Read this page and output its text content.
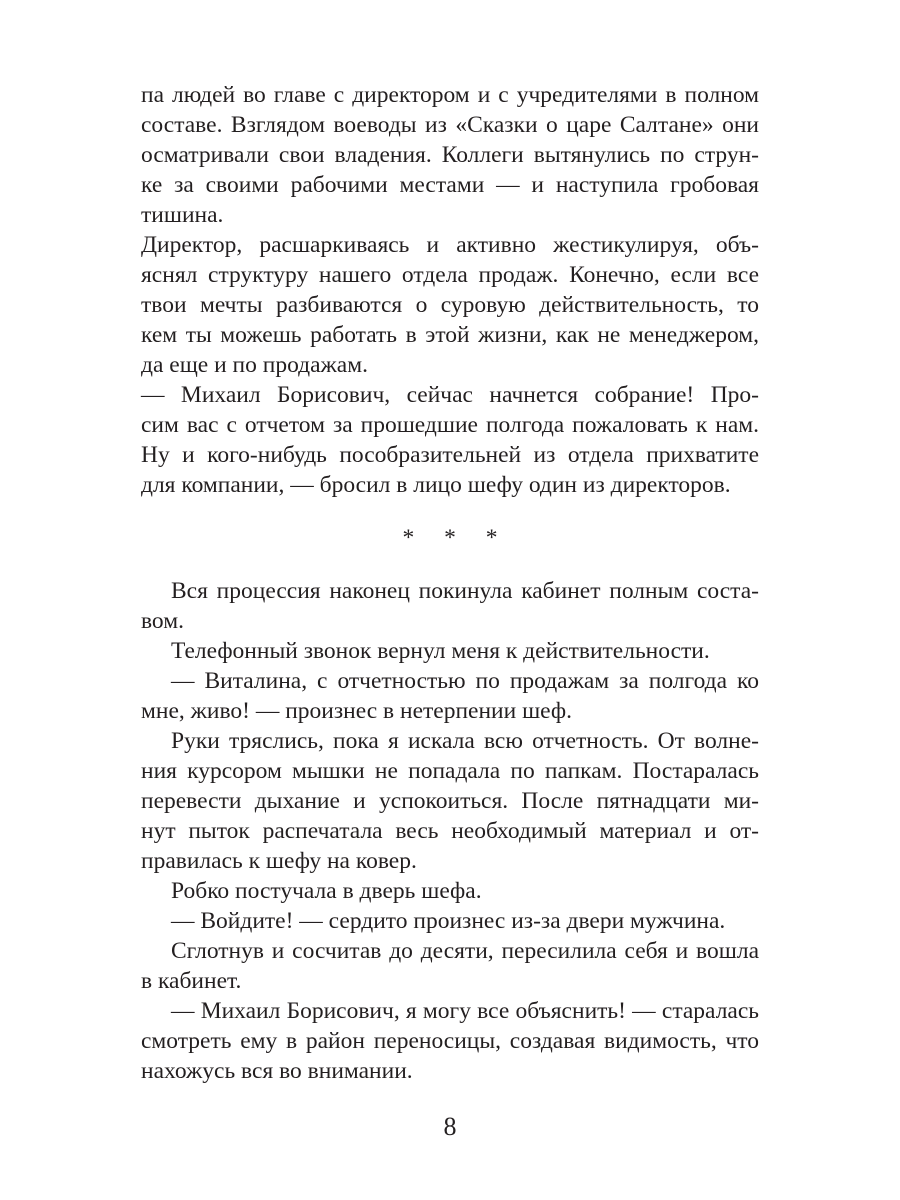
па людей во главе с директором и с учредителями в полном
составе. Взглядом воеводы из «Сказки о царе Салтане» они
осматривали свои владения. Коллеги вытянулись по струн-
ке за своими рабочими местами — и наступила гробовая
тишина.
Директор, расшаркиваясь и активно жестикулируя, объ-
яснял структуру нашего отдела продаж. Конечно, если все
твои мечты разбиваются о суровую действительность, то
кем ты можешь работать в этой жизни, как не менеджером,
да еще и по продажам.
— Михаил Борисович, сейчас начнется собрание! Про-
сим вас с отчетом за прошедшие полгода пожаловать к нам.
Ну и кого-нибудь пособразительней из отдела прихватите
для компании, — бросил в лицо шефу один из директоров.
* * *
Вся процессия наконец покинула кабинет полным соста-
вом.
Телефонный звонок вернул меня к действительности.
— Виталина, с отчетностью по продажам за полгода ко
мне, живо! — произнес в нетерпении шеф.
Руки тряслись, пока я искала всю отчетность. От волне-
ния курсором мышки не попадала по папкам. Постаралась
перевести дыхание и успокоиться. После пятнадцати ми-
нут пыток распечатала весь необходимый материал и от-
правилась к шефу на ковер.
Робко постучала в дверь шефа.
— Войдите! — сердито произнес из-за двери мужчина.
Сглотнув и сосчитав до десяти, пересилила себя и вошла
в кабинет.
— Михаил Борисович, я могу все объяснить! — старалась
смотреть ему в район переносицы, создавая видимость, что
нахожусь вся во внимании.
8
